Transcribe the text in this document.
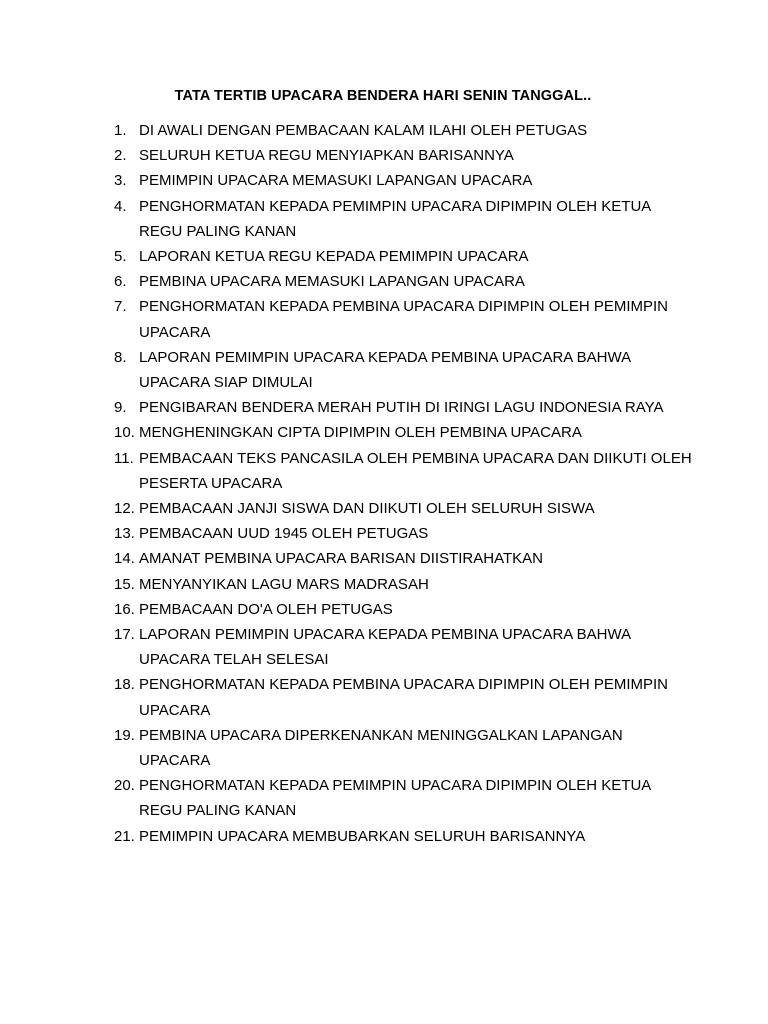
TATA TERTIB UPACARA BENDERA HARI SENIN TANGGAL..
1. DI AWALI DENGAN PEMBACAAN KALAM ILAHI OLEH PETUGAS
2. SELURUH KETUA REGU MENYIAPKAN BARISANNYA
3. PEMIMPIN UPACARA MEMASUKI LAPANGAN UPACARA
4. PENGHORMATAN KEPADA PEMIMPIN UPACARA DIPIMPIN OLEH KETUA REGU PALING KANAN
5. LAPORAN KETUA REGU KEPADA PEMIMPIN UPACARA
6. PEMBINA UPACARA MEMASUKI LAPANGAN UPACARA
7. PENGHORMATAN KEPADA PEMBINA UPACARA DIPIMPIN OLEH PEMIMPIN UPACARA
8. LAPORAN PEMIMPIN UPACARA KEPADA PEMBINA UPACARA BAHWA UPACARA SIAP DIMULAI
9. PENGIBARAN BENDERA MERAH PUTIH DI IRINGI LAGU INDONESIA RAYA
10. MENGHENINGKAN CIPTA DIPIMPIN OLEH PEMBINA UPACARA
11. PEMBACAAN TEKS PANCASILA OLEH PEMBINA UPACARA DAN DIIKUTI OLEH PESERTA UPACARA
12. PEMBACAAN JANJI SISWA DAN DIIKUTI OLEH SELURUH SISWA
13. PEMBACAAN UUD 1945 OLEH PETUGAS
14. AMANAT PEMBINA UPACARA BARISAN DIISTIRAHATKAN
15. MENYANYIKAN LAGU MARS MADRASAH
16. PEMBACAAN DO'A OLEH PETUGAS
17. LAPORAN PEMIMPIN UPACARA KEPADA PEMBINA UPACARA BAHWA UPACARA TELAH SELESAI
18. PENGHORMATAN KEPADA PEMBINA UPACARA DIPIMPIN OLEH PEMIMPIN UPACARA
19. PEMBINA UPACARA DIPERKENANKAN MENINGGALKAN LAPANGAN UPACARA
20. PENGHORMATAN KEPADA PEMIMPIN UPACARA DIPIMPIN OLEH KETUA REGU PALING KANAN
21. PEMIMPIN UPACARA MEMBUBARKAN SELURUH BARISANNYA
